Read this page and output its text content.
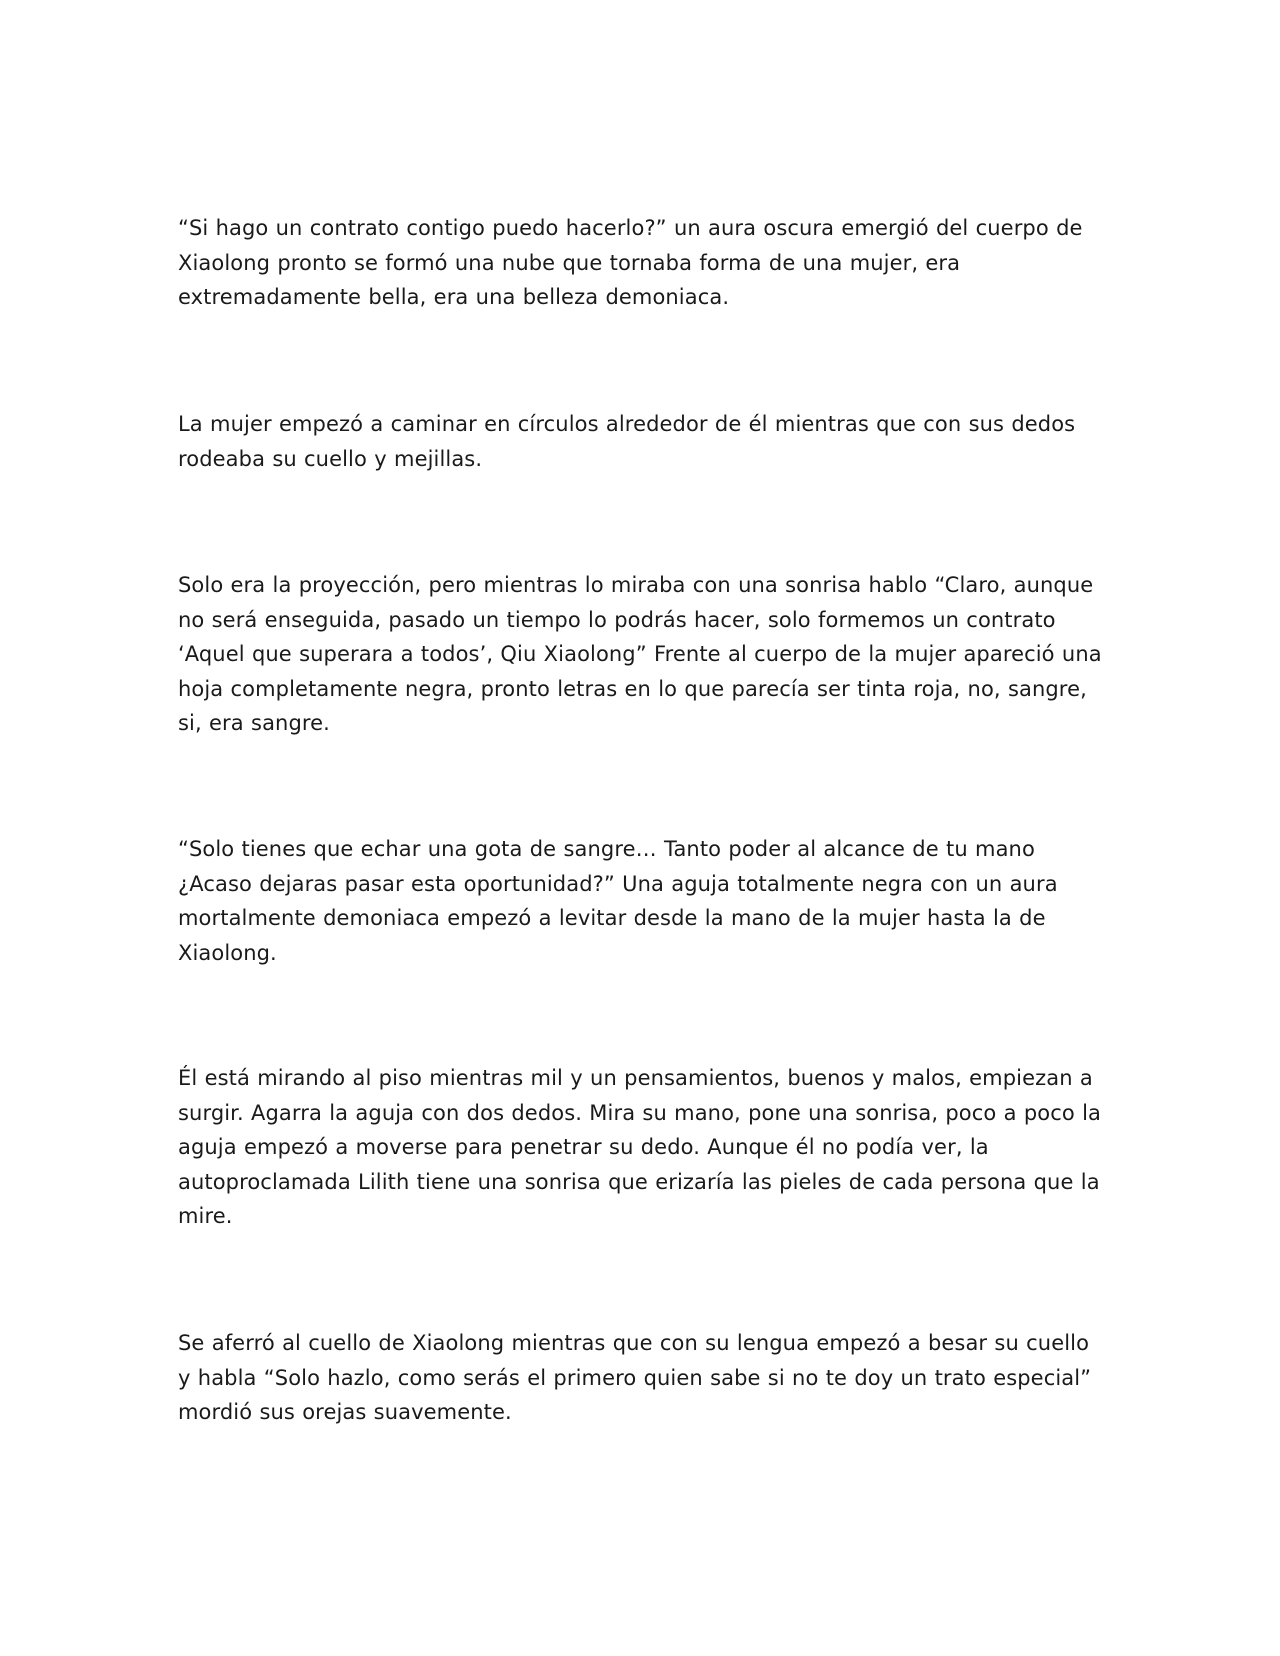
“Si hago un contrato contigo puedo hacerlo?” un aura oscura emergió del cuerpo de Xiaolong pronto se formó una nube que tornaba forma de una mujer, era extremadamente bella, era una belleza demoniaca.

La mujer empezó a caminar en círculos alrededor de él mientras que con sus dedos rodeaba su cuello y mejillas.

Solo era la proyección, pero mientras lo miraba con una sonrisa hablo “Claro, aunque no será enseguida, pasado un tiempo lo podrás hacer, solo formemos un contrato ‘Aquel que superara a todos’, Qiu Xiaolong” Frente al cuerpo de la mujer apareció una hoja completamente negra, pronto letras en lo que parecía ser tinta roja, no, sangre, si, era sangre.

“Solo tienes que echar una gota de sangre… Tanto poder al alcance de tu mano ¿Acaso dejaras pasar esta oportunidad?” Una aguja totalmente negra con un aura mortalmente demoniaca empezó a levitar desde la mano de la mujer hasta la de Xiaolong.

Él está mirando al piso mientras mil y un pensamientos, buenos y malos, empiezan a surgir. Agarra la aguja con dos dedos. Mira su mano, pone una sonrisa, poco a poco la aguja empezó a moverse para penetrar su dedo. Aunque él no podía ver, la autoproclamada Lilith tiene una sonrisa que erizaría las pieles de cada persona que la mire.

Se aferró al cuello de Xiaolong mientras que con su lengua empezó a besar su cuello y habla “Solo hazlo, como serás el primero quien sabe si no te doy un trato especial” mordió sus orejas suavemente.
